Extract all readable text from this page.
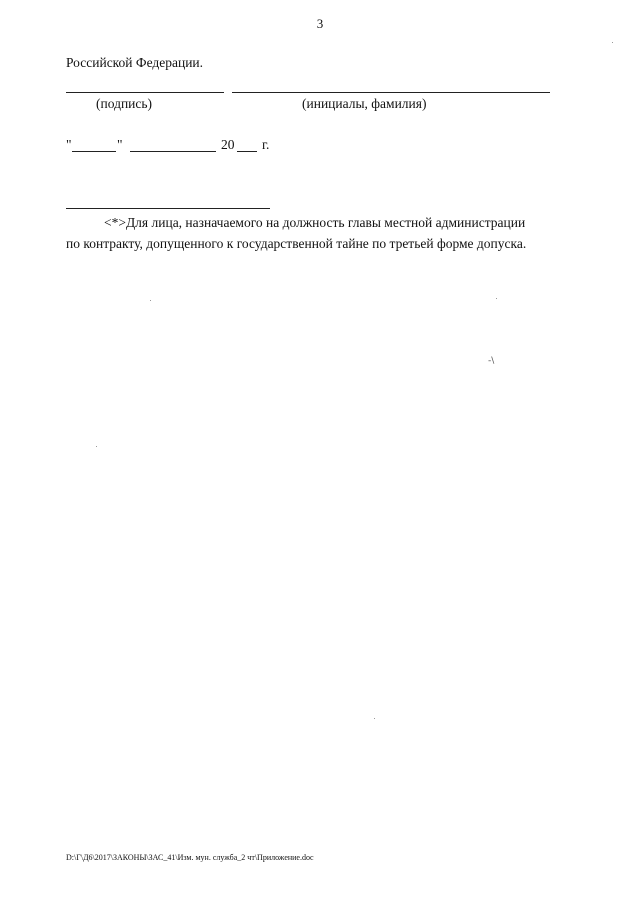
3
Российской Федерации.
(подпись)	(инициалы, фамилия)
"	"	20 г.

<*>Для лица, назначаемого на должность главы местной администрации

по контракту, допущенного к государственной тайне по третьей форме допуска.

-\
D:\Г\Д6\2017\ЗАКОНЫ\ЗАС_41\Изм. мун. служба_2 чт\Приложение.doc
